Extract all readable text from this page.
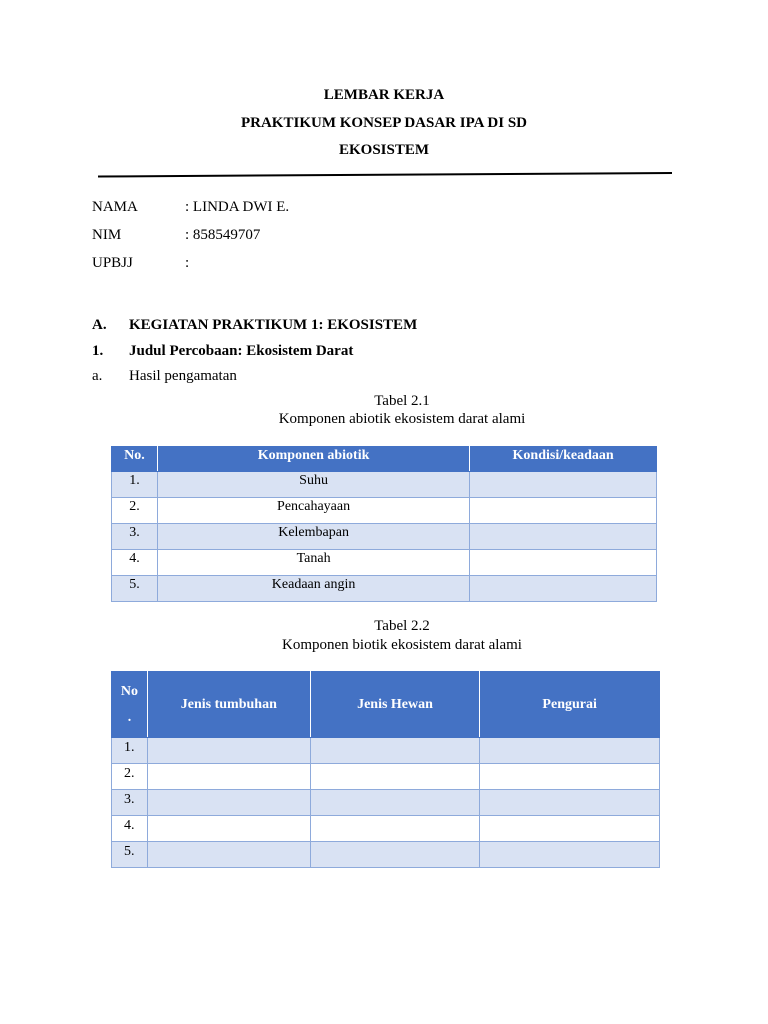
LEMBAR KERJA
PRAKTIKUM KONSEP DASAR IPA DI SD
EKOSISTEM
NAMA	: LINDA DWI E.
NIM	: 858549707
UPBJJ	:
A. KEGIATAN PRAKTIKUM 1: EKOSISTEM
1. Judul Percobaan: Ekosistem Darat
a. Hasil pengamatan
Tabel 2.1
Komponen abiotik ekosistem darat alami
No.	Komponen abiotik	Kondisi/keadaan
1.	Suhu	
2.	Pencahayaan	
3.	Kelembapan	
4.	Tanah	
5.	Keadaan angin	
Tabel 2.2
Komponen biotik ekosistem darat alami
No
.	Jenis tumbuhan	Jenis Hewan	Pengurai
1.			
2.			
3.			
4.			
5.			
